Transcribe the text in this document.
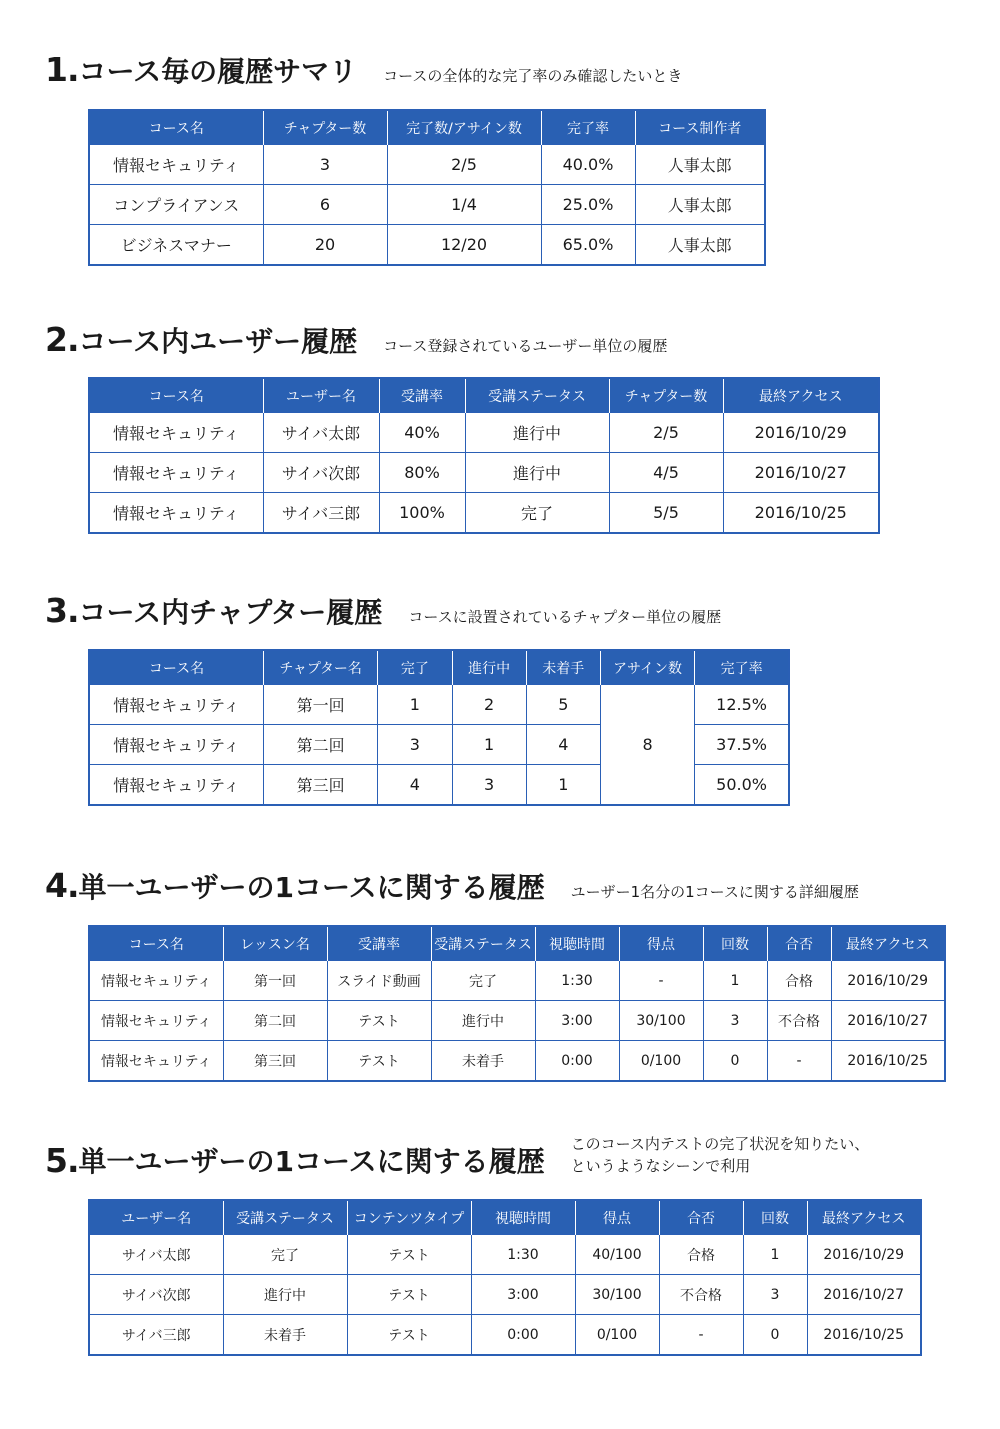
1. コース毎の履歴サマリ コースの全体的な完了率のみ確認したいとき
コース名	チャプター数	完了数/アサイン数	完了率	コース制作者
情報セキュリティ	3	2/5	40.0%	人事太郎
コンプライアンス	6	1/4	25.0%	人事太郎
ビジネスマナー	20	12/20	65.0%	人事太郎
2. コース内ユーザー履歴 コース登録されているユーザー単位の履歴
コース名	ユーザー名	受講率	受講ステータス	チャプター数	最終アクセス
情報セキュリティ	サイバ太郎	40%	進行中	2/5	2016/10/29
情報セキュリティ	サイバ次郎	80%	進行中	4/5	2016/10/27
情報セキュリティ	サイバ三郎	100%	完了	5/5	2016/10/25
3. コース内チャプター履歴 コースに設置されているチャプター単位の履歴
コース名	チャプター名	完了	進行中	未着手	アサイン数	完了率
情報セキュリティ	第一回	1	2	5	8	12.5%
情報セキュリティ	第二回	3	1	4		37.5%
情報セキュリティ	第三回	4	3	1		50.0%
4. 単一ユーザーの1コースに関する履歴 ユーザー1名分の1コースに関する詳細履歴
コース名	レッスン名	受講率	受講ステータス	視聴時間	得点	回数	合否	最終アクセス
情報セキュリティ	第一回	スライド動画	完了	1:30	-	1	合格	2016/10/29
情報セキュリティ	第二回	テスト	進行中	3:00	30/100	3	不合格	2016/10/27
情報セキュリティ	第三回	テスト	未着手	0:00	0/100	0	-	2016/10/25
5. 単一ユーザーの1コースに関する履歴
このコース内テストの完了状況を知りたい、
というようなシーンで利用
ユーザー名	受講ステータス	コンテンツタイプ	視聴時間	得点	合否	回数	最終アクセス
サイバ太郎	完了	テスト	1:30	40/100	合格	1	2016/10/29
サイバ次郎	進行中	テスト	3:00	30/100	不合格	3	2016/10/27
サイバ三郎	未着手	テスト	0:00	0/100	-	0	2016/10/25
